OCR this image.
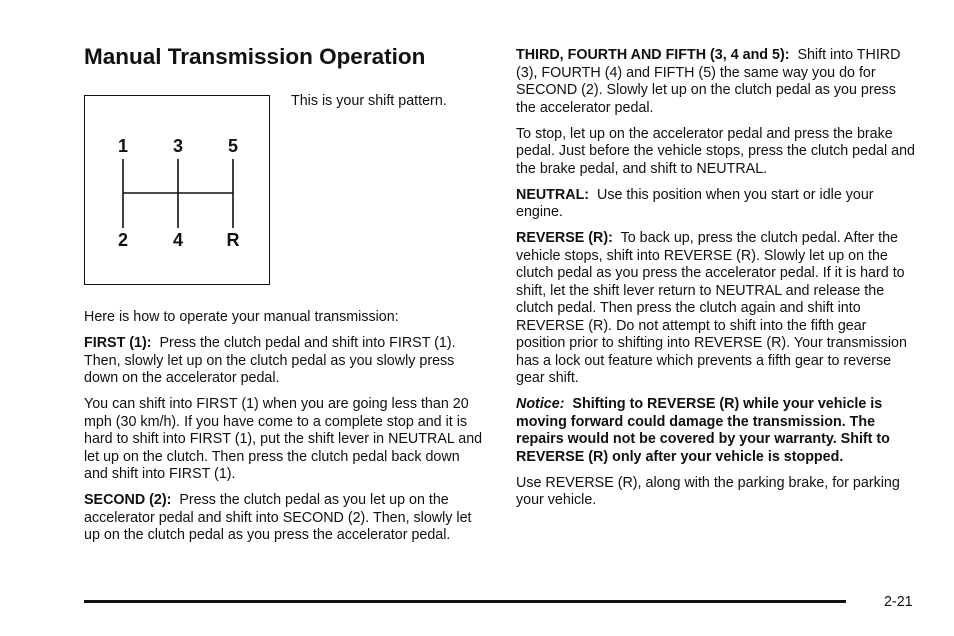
Manual Transmission Operation
1 3 5
2 4 R
This is your shift pattern.

Here is how to operate your manual transmission:

FIRST (1): Press the clutch pedal and shift into FIRST (1). Then, slowly let up on the clutch pedal as you slowly press down on the accelerator pedal.

You can shift into FIRST (1) when you are going less than 20 mph (30 km/h). If you have come to a complete stop and it is hard to shift into FIRST (1), put the shift lever in NEUTRAL and let up on the clutch. Then press the clutch pedal back down and shift into FIRST (1).

SECOND (2): Press the clutch pedal as you let up on the accelerator pedal and shift into SECOND (2). Then, slowly let up on the clutch pedal as you press the accelerator pedal.

THIRD, FOURTH AND FIFTH (3, 4 and 5): Shift into THIRD (3), FOURTH (4) and FIFTH (5) the same way you do for SECOND (2). Slowly let up on the clutch pedal as you press the accelerator pedal.

To stop, let up on the accelerator pedal and press the brake pedal. Just before the vehicle stops, press the clutch pedal and the brake pedal, and shift to NEUTRAL.

NEUTRAL: Use this position when you start or idle your engine.

REVERSE (R): To back up, press the clutch pedal. After the vehicle stops, shift into REVERSE (R). Slowly let up on the clutch pedal as you press the accelerator pedal. If it is hard to shift, let the shift lever return to NEUTRAL and release the clutch pedal. Then press the clutch again and shift into REVERSE (R). Do not attempt to shift into the fifth gear position prior to shifting into REVERSE (R). Your transmission has a lock out feature which prevents a fifth gear to reverse gear shift.

Notice: Shifting to REVERSE (R) while your vehicle is moving forward could damage the transmission. The repairs would not be covered by your warranty. Shift to REVERSE (R) only after your vehicle is stopped.

Use REVERSE (R), along with the parking brake, for parking your vehicle.

2-21
